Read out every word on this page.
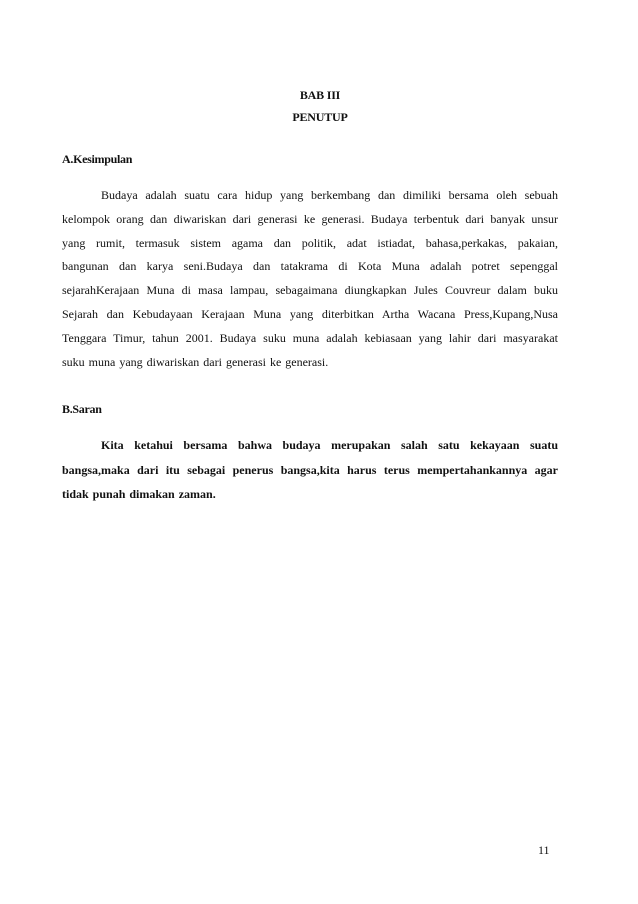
BAB III
PENUTUP
A.Kesimpulan
Budaya adalah suatu cara hidup yang berkembang dan dimiliki bersama oleh sebuah
kelompok orang dan diwariskan dari generasi ke generasi. Budaya terbentuk dari banyak unsur
yang rumit, termasuk sistem agama dan politik, adat istiadat, bahasa,perkakas, pakaian,
bangunan dan karya seni.Budaya dan tatakrama di Kota Muna adalah potret sepenggal
sejarahKerajaan Muna di masa lampau, sebagaimana diungkapkan Jules Couvreur dalam buku
Sejarah dan Kebudayaan Kerajaan Muna yang diterbitkan Artha Wacana Press,Kupang,Nusa
Tenggara Timur, tahun 2001. Budaya suku muna adalah kebiasaan yang lahir dari masyarakat
suku muna yang diwariskan dari generasi ke generasi.
B.Saran
Kita ketahui bersama bahwa budaya merupakan salah satu kekayaan suatu
bangsa,maka dari itu sebagai penerus bangsa,kita harus terus mempertahankannya agar
tidak punah dimakan zaman.
11
